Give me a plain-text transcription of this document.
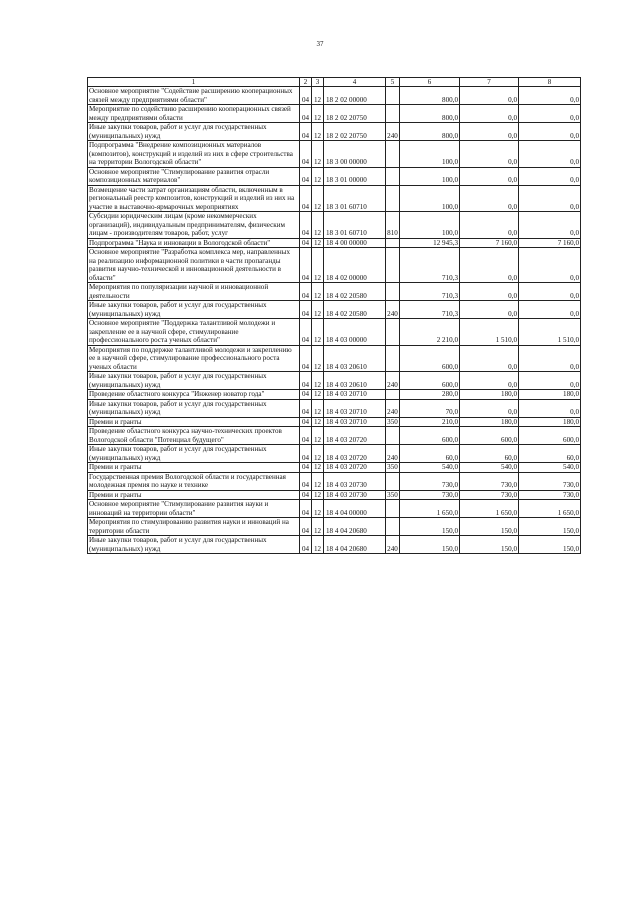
37
1	2	3	4	5	6	7	8
Основное мероприятие "Содействие расширению кооперационных связей между предприятиями области"	04	12	18 2 02 00000		800,0	0,0	0,0
Мероприятие по содействию расширению кооперационных связей между предприятиями области	04	12	18 2 02 20750		800,0	0,0	0,0
Иные закупки товаров, работ и услуг для государственных (муниципальных) нужд	04	12	18 2 02 20750	240	800,0	0,0	0,0
Подпрограмма "Внедрение композиционных материалов (композитов), конструкций и изделий из них в сфере строительства на территории Вологодской области"	04	12	18 3 00 00000		100,0	0,0	0,0
Основное мероприятие "Стимулирование развития отрасли композиционных материалов"	04	12	18 3 01 00000		100,0	0,0	0,0
Возмещение части затрат организациям области, включенным в региональный реестр композитов, конструкций и изделий из них на участие в выставочно-ярмарочных мероприятиях	04	12	18 3 01 60710		100,0	0,0	0,0
Субсидии юридическим лицам (кроме некоммерческих организаций), индивидуальным предпринимателям, физическим лицам - производителям товаров, работ, услуг	04	12	18 3 01 60710	810	100,0	0,0	0,0
Подпрограмма "Наука и инновации в Вологодской области"	04	12	18 4 00 00000		12 945,3	7 160,0	7 160,0
Основное мероприятие "Разработка комплекса мер, направленных на реализацию информационной политики в части пропаганды развития научно-технической и инновационной деятельности в области"	04	12	18 4 02 00000		710,3	0,0	0,0
Мероприятия по популяризации научной и инновационной деятельности	04	12	18 4 02 20580		710,3	0,0	0,0
Иные закупки товаров, работ и услуг для государственных (муниципальных) нужд	04	12	18 4 02 20580	240	710,3	0,0	0,0
Основное мероприятие "Поддержка талантливой молодежи и закрепление ее в научной сфере, стимулирование профессионального роста ученых области"	04	12	18 4 03 00000		2 210,0	1 510,0	1 510,0
Мероприятия по поддержке талантливой молодежи и закреплению ее в научной сфере, стимулирование профессионального роста ученых области	04	12	18 4 03 20610		600,0	0,0	0,0
Иные закупки товаров, работ и услуг для государственных (муниципальных) нужд	04	12	18 4 03 20610	240	600,0	0,0	0,0
Проведение областного конкурса "Инженер новатор года"	04	12	18 4 03 20710		280,0	180,0	180,0
Иные закупки товаров, работ и услуг для государственных (муниципальных) нужд	04	12	18 4 03 20710	240	70,0	0,0	0,0
Премии и гранты	04	12	18 4 03 20710	350	210,0	180,0	180,0
Проведение областного конкурса научно-технических проектов Вологодской области "Потенциал будущего"	04	12	18 4 03 20720		600,0	600,0	600,0
Иные закупки товаров, работ и услуг для государственных (муниципальных) нужд	04	12	18 4 03 20720	240	60,0	60,0	60,0
Премии и гранты	04	12	18 4 03 20720	350	540,0	540,0	540,0
Государственная премия Вологодской области и государственная молодежная премия по науке и технике	04	12	18 4 03 20730		730,0	730,0	730,0
Премии и гранты	04	12	18 4 03 20730	350	730,0	730,0	730,0
Основное мероприятие "Стимулирование развития науки и инноваций на территории области"	04	12	18 4 04 00000		1 650,0	1 650,0	1 650,0
Мероприятия по стимулированию развития науки и инноваций на территории области	04	12	18 4 04 20680		150,0	150,0	150,0
Иные закупки товаров, работ и услуг для государственных (муниципальных) нужд	04	12	18 4 04 20680	240	150,0	150,0	150,0
